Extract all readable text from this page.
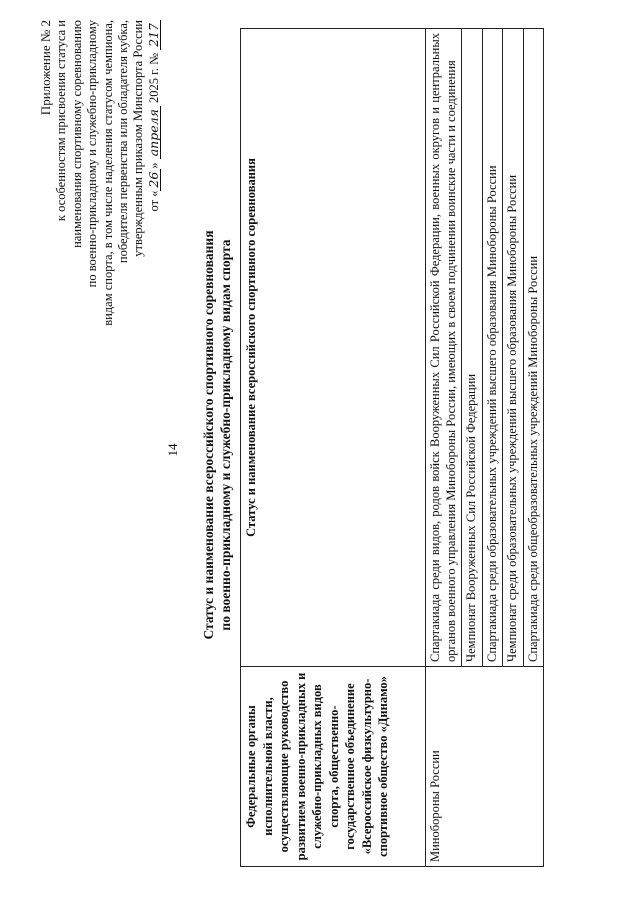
14
Приложение № 2 к особенностям присвоения статуса и наименования спортивному соревнованию по военно-прикладному и служебно-прикладному видам спорта, в том числе наделения статусом чемпиона, победителя первенства или обладателя кубка, утвержденным приказом Минспорта России от «26» апреля 2025 г. № 217
Статус и наименование всероссийского спортивного соревнования по военно-прикладному и служебно-прикладному видам спорта
Федеральные органы исполнительной власти, осуществляющие руководство развитием военно-прикладных и служебно-прикладных видов спорта, общественно-государственное объединение «Всероссийское физкультурно-спортивное общество «Динамо»	Статус и наименование всероссийского спортивного соревнования
Минобороны России	Спартакиада среди видов, родов войск Вооруженных Сил Российской Федерации, военных округов и центральных органов военного управления Минобороны России, имеющих в своем подчинении воинские части и соединения
	Чемпионат Вооруженных Сил Российской Федерации
	Спартакиада среди образовательных учреждений высшего образования Минобороны России
	Чемпионат среди образовательных учреждений высшего образования Минобороны России
	Спартакиада среди общеобразовательных учреждений Минобороны России
